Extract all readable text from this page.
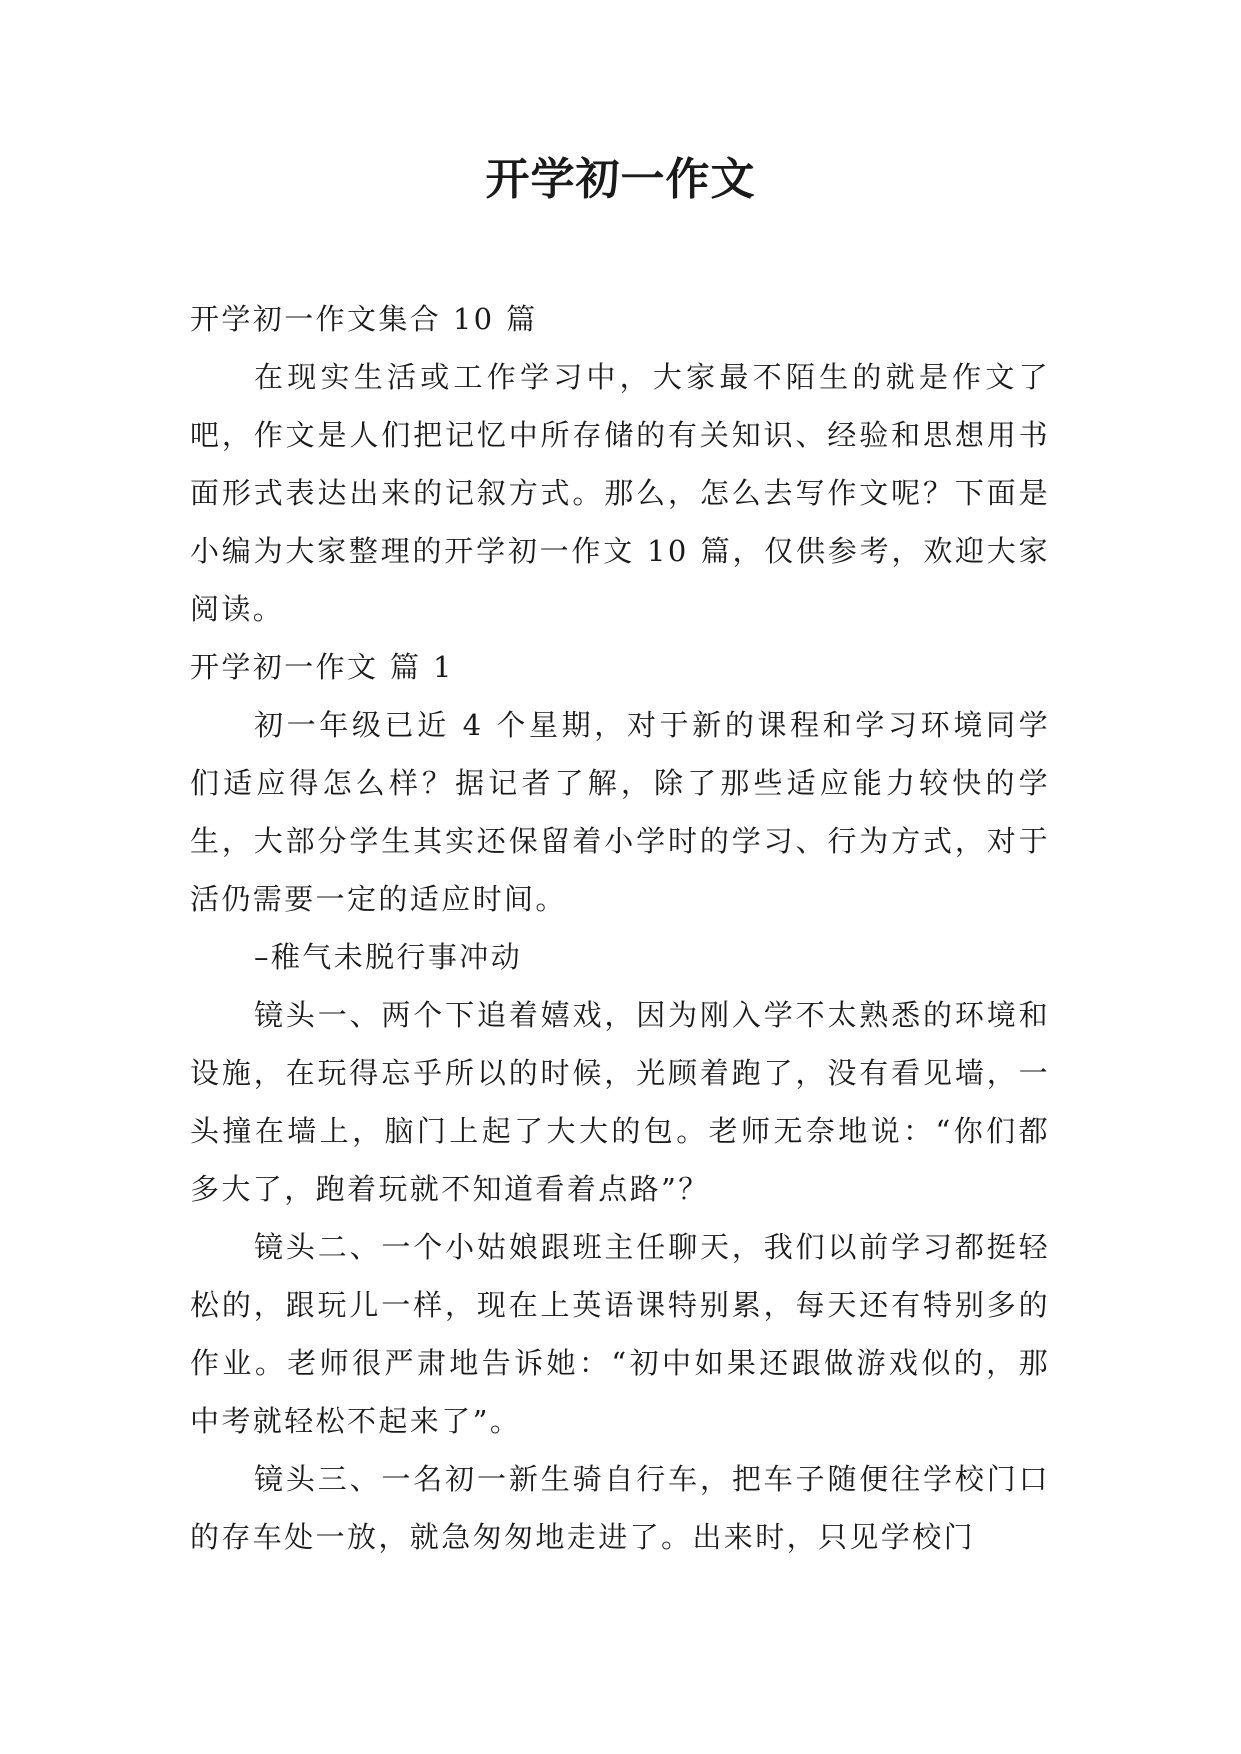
开学初一作文

开学初一作文集合 10 篇

在现实生活或工作学习中，大家最不陌生的就是作文了吧，作文是人们把记忆中所存储的有关知识、经验和思想用书面形式表达出来的记叙方式。那么，怎么去写作文呢？下面是小编为大家整理的开学初一作文 10 篇，仅供参考，欢迎大家阅读。

开学初一作文 篇 1

初一年级已近 4 个星期，对于新的课程和学习环境同学们适应得怎么样？据记者了解，除了那些适应能力较快的学生，大部分学生其实还保留着小学时的学习、行为方式，对于活仍需要一定的适应时间。

–稚气未脱行事冲动

镜头一、两个下追着嬉戏，因为刚入学不太熟悉的环境和设施，在玩得忘乎所以的时候，光顾着跑了，没有看见墙，一头撞在墙上，脑门上起了大大的包。老师无奈地说：“你们都多大了，跑着玩就不知道看着点路”？

镜头二、一个小姑娘跟班主任聊天，我们以前学习都挺轻松的，跟玩儿一样，现在上英语课特别累，每天还有特别多的作业。老师很严肃地告诉她：“初中如果还跟做游戏似的，那中考就轻松不起来了”。

镜头三、一名初一新生骑自行车，把车子随便往学校门口的存车处一放，就急匆匆地走进了。出来时，只见学校门
